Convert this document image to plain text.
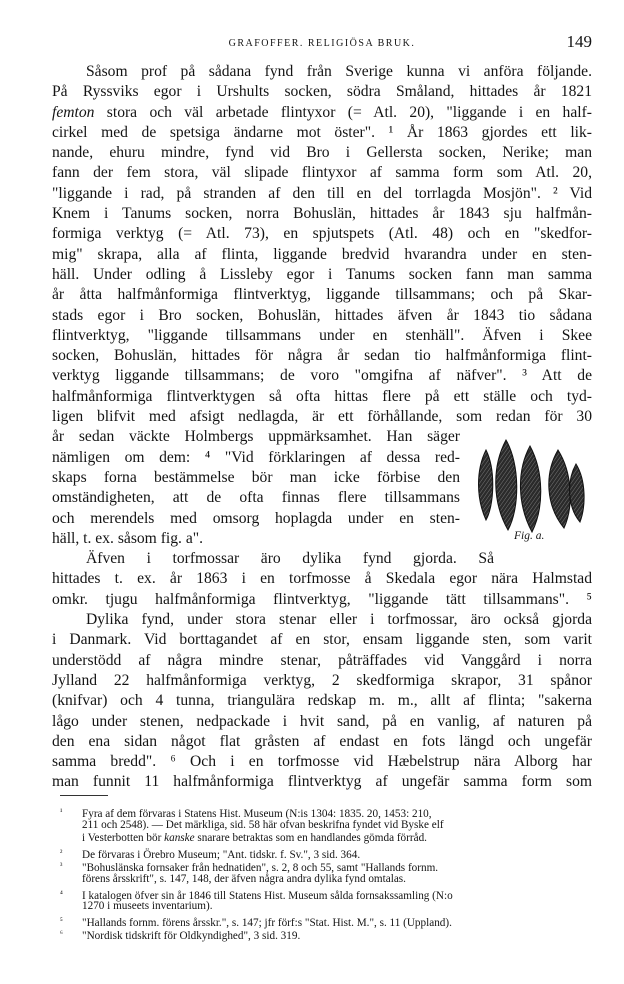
GRAFOFFER. RELIGIÖSA BRUK.	149
Såsom prof på sådana fynd från Sverige kunna vi anföra följande.
På Ryssviks egor i Urshults socken, södra Småland, hittades år 1821
femton stora och väl arbetade flintyxor (= Atl. 20), "liggande i en half-
cirkel med de spetsiga ändarne mot öster". ¹ År 1863 gjordes ett lik-
nande, ehuru mindre, fynd vid Bro i Gellersta socken, Nerike; man
fann der fem stora, väl slipade flintyxor af samma form som Atl. 20,
"liggande i rad, på stranden af den till en del torrlagda Mosjön". ² Vid
Knem i Tanums socken, norra Bohuslän, hittades år 1843 sju halfmån-
formiga verktyg (= Atl. 73), en spjutspets (Atl. 48) och en "skedfor-
mig" skrapa, alla af flinta, liggande bredvid hvarandra under en sten-
häll. Under odling å Lissleby egor i Tanums socken fann man samma
år åtta halfmånformiga flintverktyg, liggande tillsammans; och på Skar-
stads egor i Bro socken, Bohuslän, hittades äfven år 1843 tio sådana
flintverktyg, "liggande tillsammans under en stenhäll". Äfven i Skee
socken, Bohuslän, hittades för några år sedan tio halfmånformiga flint-
verktyg liggande tillsammans; de voro "omgifna af näfver". ³ Att de
halfmånformiga flintverktygen så ofta hittas flere på ett ställe och tyd-
ligen blifvit med afsigt nedlagda, är ett förhållande, som redan för 30
år sedan väckte Holmbergs uppmärksamhet. Han säger
nämligen om dem: ⁴ "Vid förklaringen af dessa red-
skaps forna bestämmelse bör man icke förbise den
omständigheten, att de ofta finnas flere tillsammans
och merendels med omsorg hoplagda under en sten-
häll, t. ex. såsom fig. a".
Äfven i torfmossar äro dylika fynd gjorda. Så
hittades t. ex. år 1863 i en torfmosse å Skedala egor nära Halmstad
omkr. tjugu halfmånformiga flintverktyg, "liggande tätt tillsammans". ⁵
Dylika fynd, under stora stenar eller i torfmossar, äro också gjorda
i Danmark. Vid borttagandet af en stor, ensam liggande sten, som varit
understödd af några mindre stenar, påträffades vid Vanggård i norra
Jylland 22 halfmånformiga verktyg, 2 skedformiga skrapor, 31 spånor
(knifvar) och 4 tunna, triangulära redskap m. m., allt af flinta; "sakerna
lågo under stenen, nedpackade i hvit sand, på en vanlig, af naturen på
den ena sidan något flat gråsten af endast en fots längd och ungefär
samma bredd". ⁶ Och i en torfmosse vid Hæbelstrup nära Alborg har
man funnit 11 halfmånformiga flintverktyg af ungefär samma form som
Fig. a.
¹ Fyra af dem förvaras i Statens Hist. Museum (N:is 1304: 1835. 20, 1453: 210,
211 och 2548). — Det märkliga, sid. 58 här ofvan beskrifna fyndet vid Byske elf
i Vesterbotten bör kanske snarare betraktas som en handlandes gömda förråd.
² De förvaras i Örebro Museum; "Ant. tidskr. f. Sv.", 3 sid. 364.
³ "Bohuslänska fornsaker från hednatiden", s. 2, 8 och 55, samt "Hallands fornm.
förens årsskrift", s. 147, 148, der äfven några andra dylika fynd omtalas.
⁴ I katalogen öfver sin år 1846 till Statens Hist. Museum sålda fornsakssamling (N:o
1270 i museets inventarium).
⁵ "Hallands fornm. förens årsskr.", s. 147; jfr förf:s "Stat. Hist. M.", s. 11 (Uppland).
⁶ "Nordisk tidskrift för Oldkyndighed", 3 sid. 319.
